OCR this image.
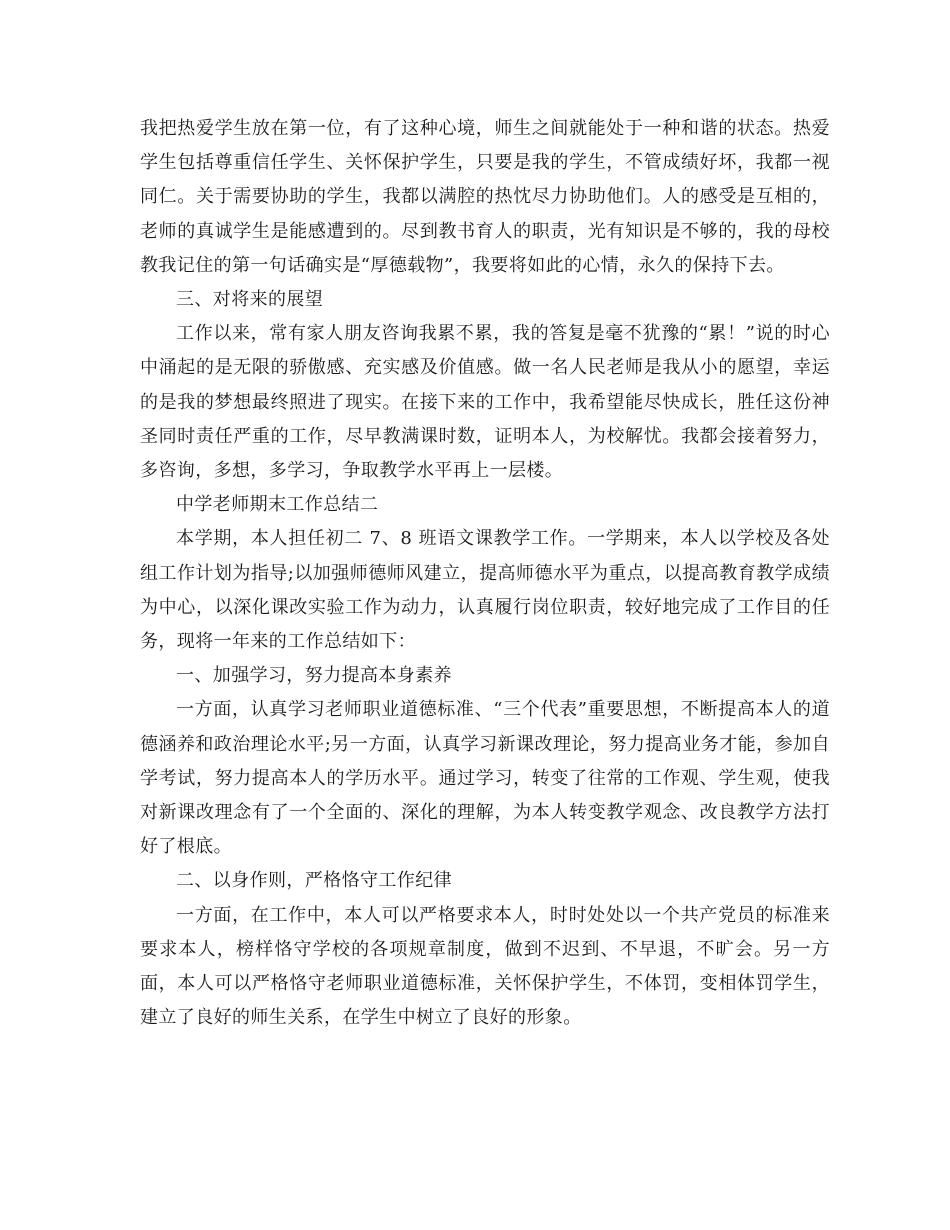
我把热爱学生放在第一位，有了这种心境，师生之间就能处于一种和谐的状态。热爱学生包括尊重信任学生、关怀保护学生，只要是我的学生，不管成绩好坏，我都一视同仁。关于需要协助的学生，我都以满腔的热忱尽力协助他们。人的感受是互相的，老师的真诚学生是能感遭到的。尽到教书育人的职责，光有知识是不够的，我的母校教我记住的第一句话确实是“厚德载物”，我要将如此的心情，永久的保持下去。

三、对将来的展望

工作以来，常有家人朋友咨询我累不累，我的答复是毫不犹豫的“累！”说的时心中涌起的是无限的骄傲感、充实感及价值感。做一名人民老师是我从小的愿望，幸运的是我的梦想最终照进了现实。在接下来的工作中，我希望能尽快成长，胜任这份神圣同时责任严重的工作，尽早教满课时数，证明本人，为校解忧。我都会接着努力，多咨询，多想，多学习，争取教学水平再上一层楼。

中学老师期末工作总结二

本学期，本人担任初二 7、8 班语文课教学工作。一学期来，本人以学校及各处组工作计划为指导;以加强师德师风建立，提高师德水平为重点，以提高教育教学成绩为中心，以深化课改实验工作为动力，认真履行岗位职责，较好地完成了工作目的任务，现将一年来的工作总结如下：

一、加强学习，努力提高本身素养

一方面，认真学习老师职业道德标准、“三个代表”重要思想，不断提高本人的道德涵养和政治理论水平;另一方面，认真学习新课改理论，努力提高业务才能，参加自学考试，努力提高本人的学历水平。通过学习，转变了往常的工作观、学生观，使我对新课改理念有了一个全面的、深化的理解，为本人转变教学观念、改良教学方法打好了根底。

二、以身作则，严格恪守工作纪律

一方面，在工作中，本人可以严格要求本人，时时处处以一个共产党员的标准来要求本人，榜样恪守学校的各项规章制度，做到不迟到、不早退，不旷会。另一方面，本人可以严格恪守老师职业道德标准，关怀保护学生，不体罚，变相体罚学生，建立了良好的师生关系，在学生中树立了良好的形象。
